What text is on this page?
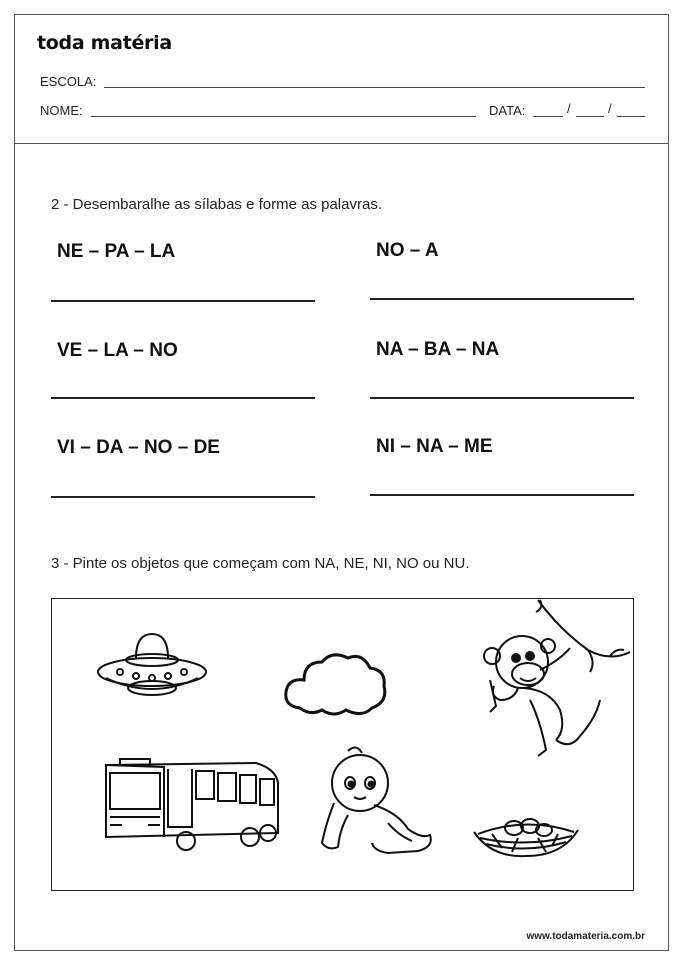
toda matéria
ESCOLA:
NOME:	DATA:	/	/
2 - Desembaralhe as sílabas e forme as palavras.
NE – PA – LA	NO – A
VE – LA – NO	NA – BA – NA
VI – DA – NO – DE	NI – NA – ME
3 - Pinte os objetos que começam com NA, NE, NI, NO ou NU.
www.todamateria.com.br
